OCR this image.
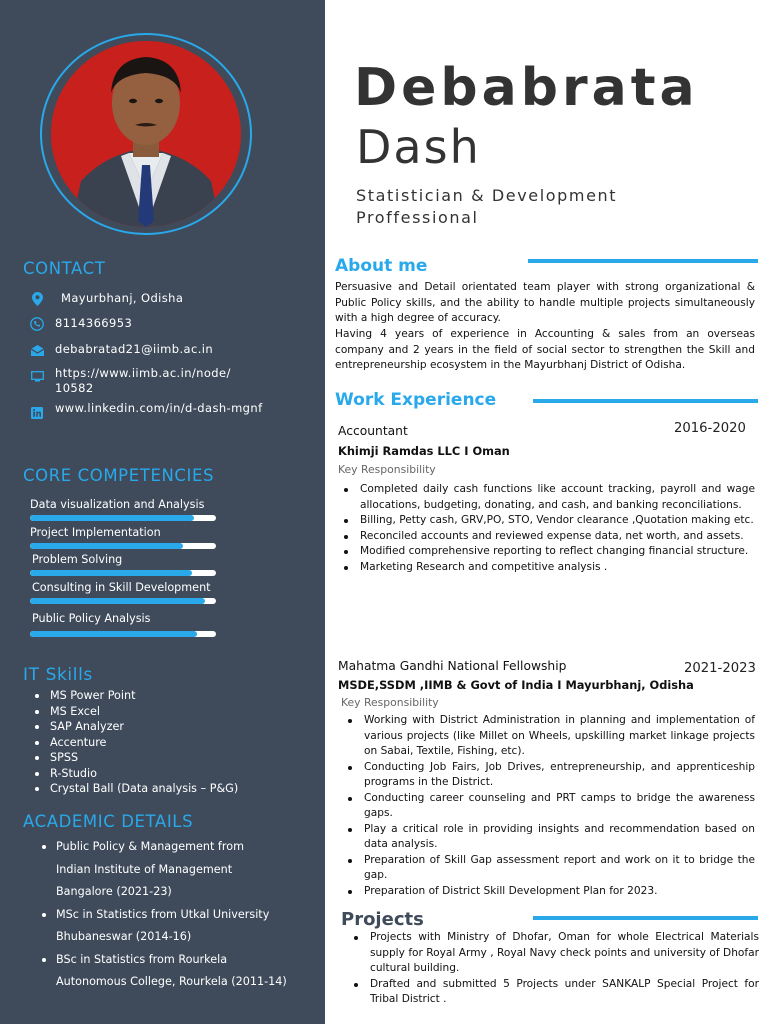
CONTACT
Mayurbhanj, Odisha
8114366953
debabratad21@iimb.ac.in
https://www.iimb.ac.in/node/
10582
www.linkedin.com/in/d-dash-mgnf
CORE COMPETENCIES
Data visualization and Analysis
Project Implementation
Problem Solving
Consulting in Skill Development
Public Policy Analysis
IT Skills
MS Power Point
MS Excel
SAP Analyzer
Accenture
SPSS
R-Studio
Crystal Ball (Data analysis – P&G)
ACADEMIC DETAILS
Public Policy & Management from Indian Institute of Management Bangalore (2021-23)
MSc in Statistics from Utkal University Bhubaneswar (2014-16)
BSc in Statistics from Rourkela Autonomous College, Rourkela (2011-14)
Debabrata
Dash
Statistician & Development Proffessional
About me
Persuasive and Detail orientated team player with strong organizational & Public Policy skills, and the ability to handle multiple projects simultaneously with a high degree of accuracy.
Having 4 years of experience in Accounting & sales from an overseas company and 2 years in the field of social sector to strengthen the Skill and entrepreneurship ecosystem in the Mayurbhanj District of Odisha.
Work Experience
Accountant	2016-2020
Khimji Ramdas LLC I Oman
Key Responsibility
Completed daily cash functions like account tracking, payroll and wage allocations, budgeting, donating, and cash, and banking reconciliations.
Billing, Petty cash, GRV,PO, STO, Vendor clearance ,Quotation making etc.
Reconciled accounts and reviewed expense data, net worth, and assets.
Modified comprehensive reporting to reflect changing financial structure.
Marketing Research and competitive analysis .
Mahatma Gandhi National Fellowship	2021-2023
MSDE,SSDM ,IIMB & Govt of India I Mayurbhanj, Odisha
Key Responsibility
Working with District Administration in planning and implementation of various projects (like Millet on Wheels, upskilling market linkage projects on Sabai, Textile, Fishing, etc).
Conducting Job Fairs, Job Drives, entrepreneurship, and apprenticeship programs in the District.
Conducting career counseling and PRT camps to bridge the awareness gaps.
Play a critical role in providing insights and recommendation based on data analysis.
Preparation of Skill Gap assessment report and work on it to bridge the gap.
Preparation of District Skill Development Plan for 2023.
Projects
Projects with Ministry of Dhofar, Oman for whole Electrical Materials supply for Royal Army , Royal Navy check points and university of Dhofar cultural building.
Drafted and submitted 5 Projects under SANKALP Special Project for Tribal District .
